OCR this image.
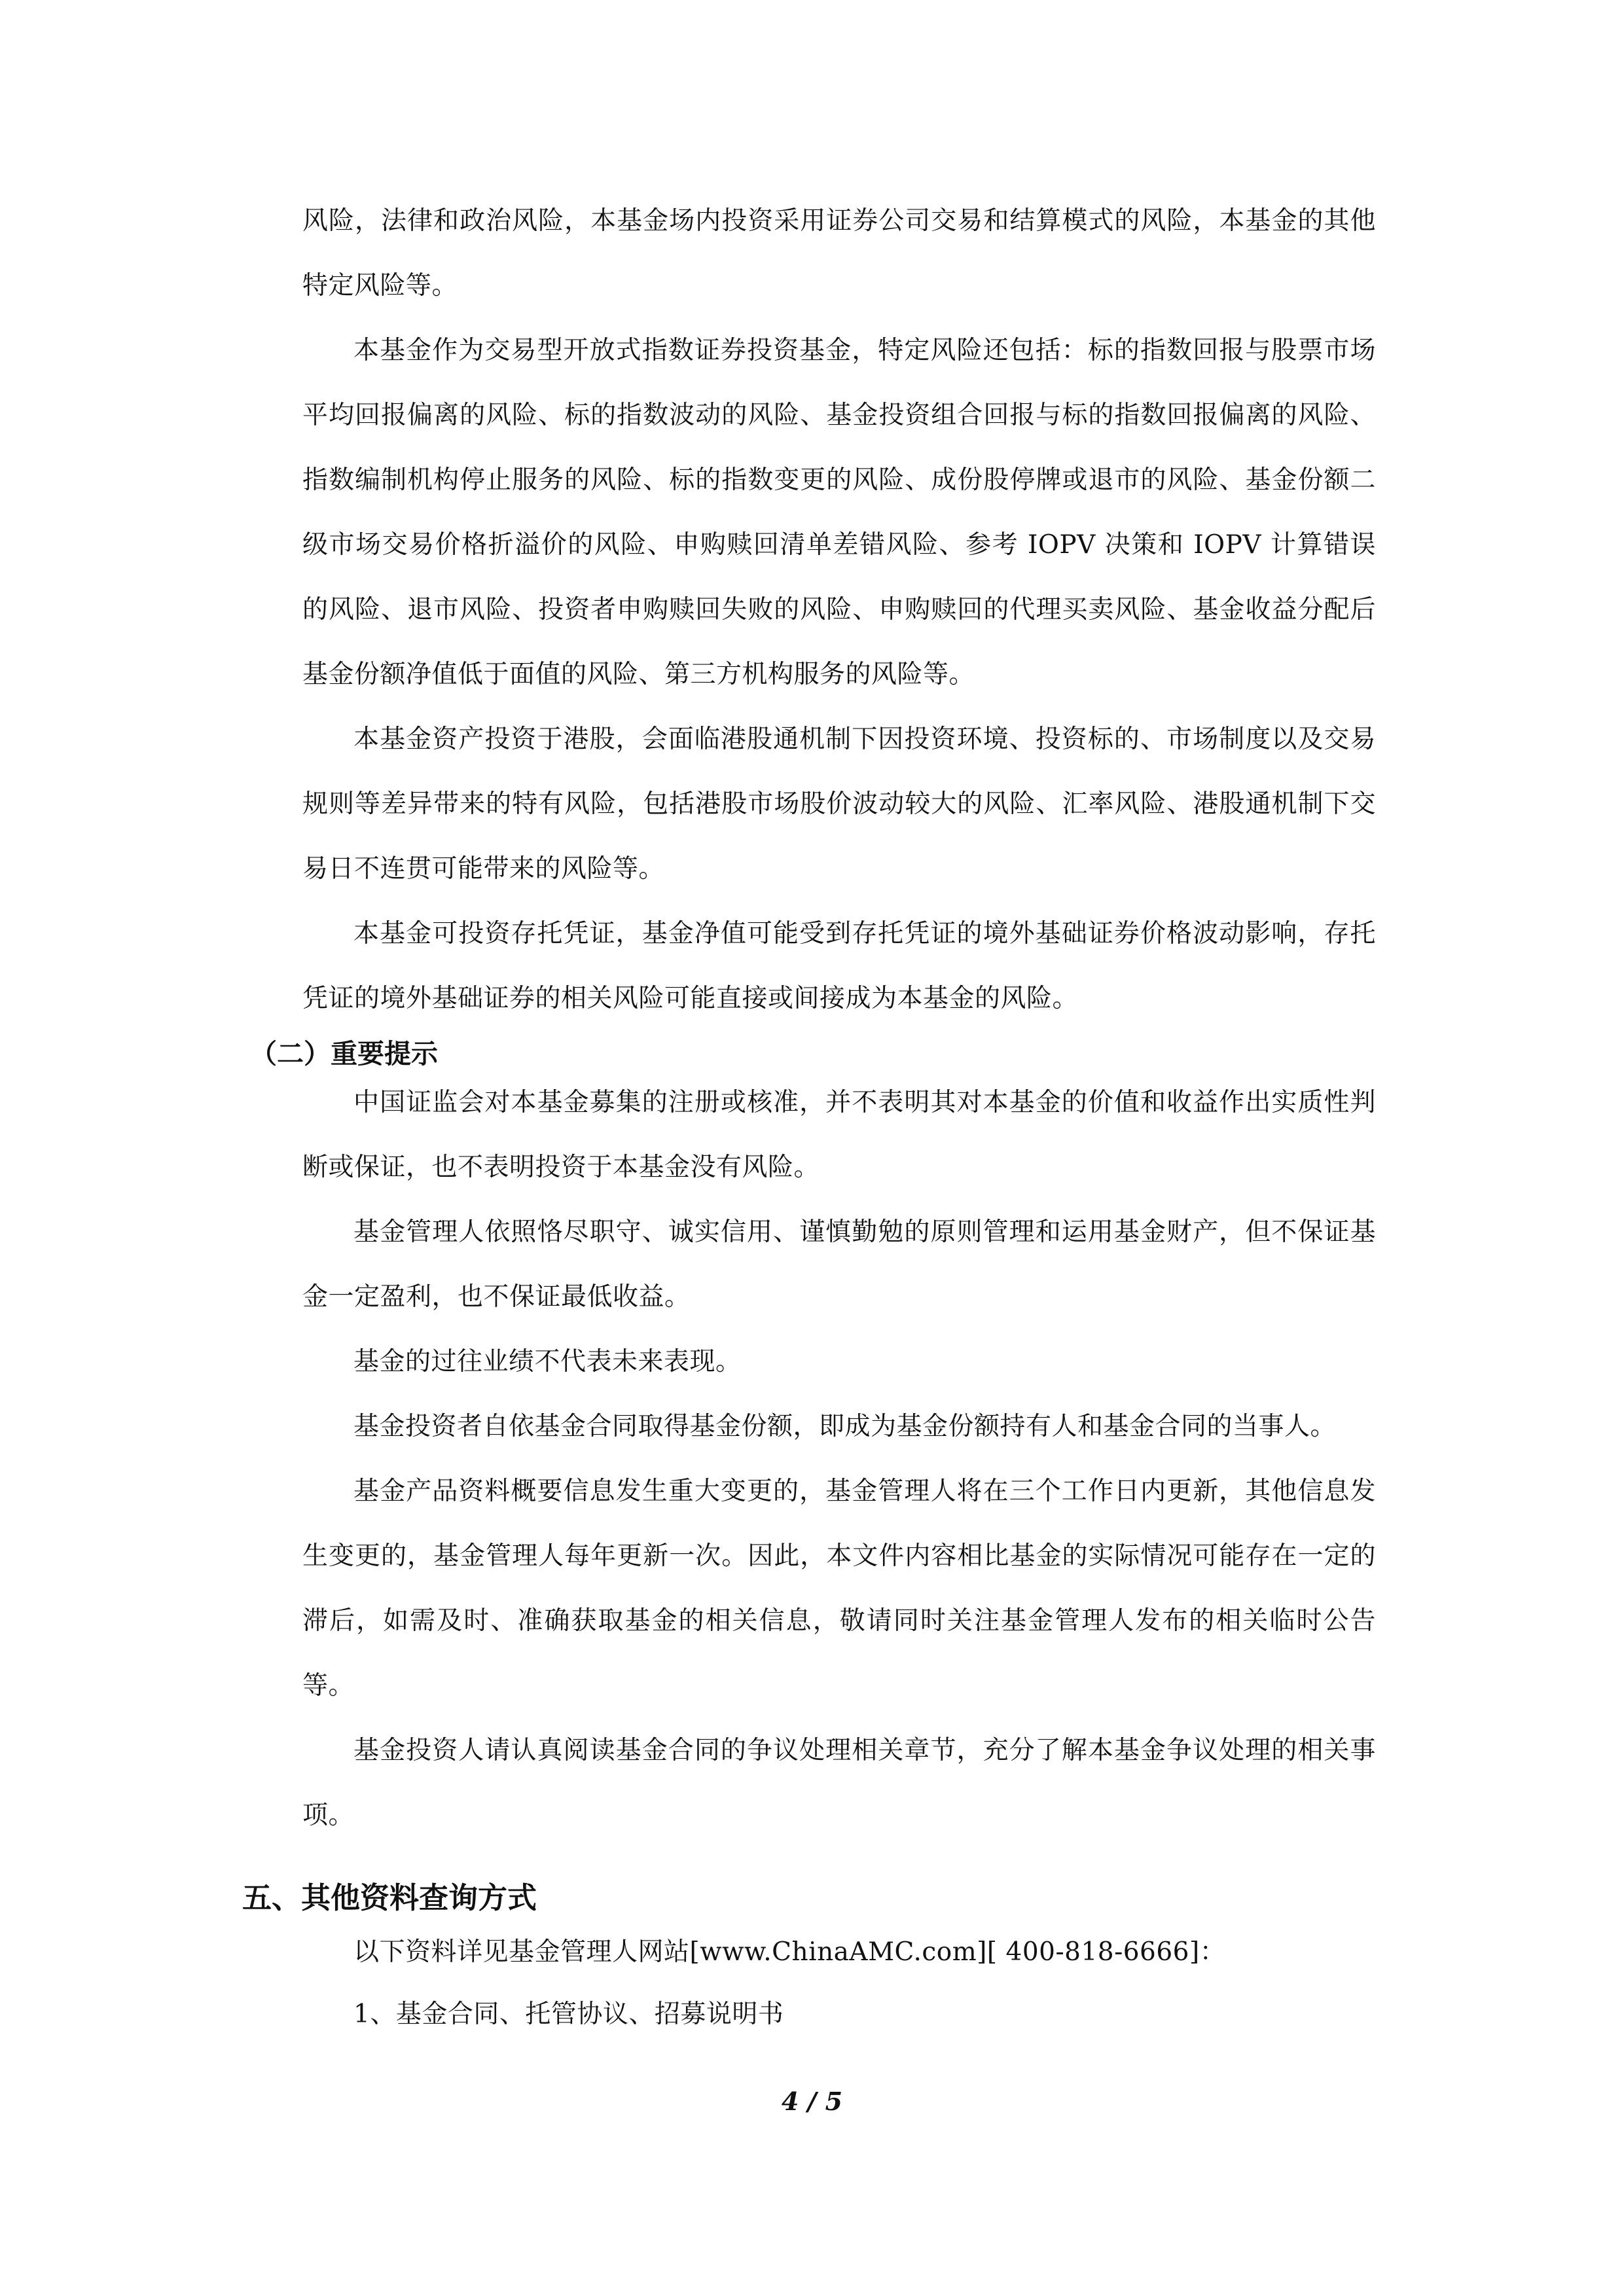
风险，法律和政治风险，本基金场内投资采用证券公司交易和结算模式的风险，本基金的其他特定风险等。

本基金作为交易型开放式指数证券投资基金，特定风险还包括：标的指数回报与股票市场平均回报偏离的风险、标的指数波动的风险、基金投资组合回报与标的指数回报偏离的风险、指数编制机构停止服务的风险、标的指数变更的风险、成份股停牌或退市的风险、基金份额二级市场交易价格折溢价的风险、申购赎回清单差错风险、参考 IOPV 决策和 IOPV 计算错误的风险、退市风险、投资者申购赎回失败的风险、申购赎回的代理买卖风险、基金收益分配后基金份额净值低于面值的风险、第三方机构服务的风险等。

本基金资产投资于港股，会面临港股通机制下因投资环境、投资标的、市场制度以及交易规则等差异带来的特有风险，包括港股市场股价波动较大的风险、汇率风险、港股通机制下交易日不连贯可能带来的风险等。

本基金可投资存托凭证，基金净值可能受到存托凭证的境外基础证券价格波动影响，存托凭证的境外基础证券的相关风险可能直接或间接成为本基金的风险。

（二）重要提示

中国证监会对本基金募集的注册或核准，并不表明其对本基金的价值和收益作出实质性判断或保证，也不表明投资于本基金没有风险。

基金管理人依照恪尽职守、诚实信用、谨慎勤勉的原则管理和运用基金财产，但不保证基金一定盈利，也不保证最低收益。

基金的过往业绩不代表未来表现。

基金投资者自依基金合同取得基金份额，即成为基金份额持有人和基金合同的当事人。

基金产品资料概要信息发生重大变更的，基金管理人将在三个工作日内更新，其他信息发生变更的，基金管理人每年更新一次。因此，本文件内容相比基金的实际情况可能存在一定的滞后，如需及时、准确获取基金的相关信息，敬请同时关注基金管理人发布的相关临时公告等。

基金投资人请认真阅读基金合同的争议处理相关章节，充分了解本基金争议处理的相关事项。

五、其他资料查询方式

以下资料详见基金管理人网站[www.ChinaAMC.com][ 400-818-6666]：

1、基金合同、托管协议、招募说明书

4 / 5
